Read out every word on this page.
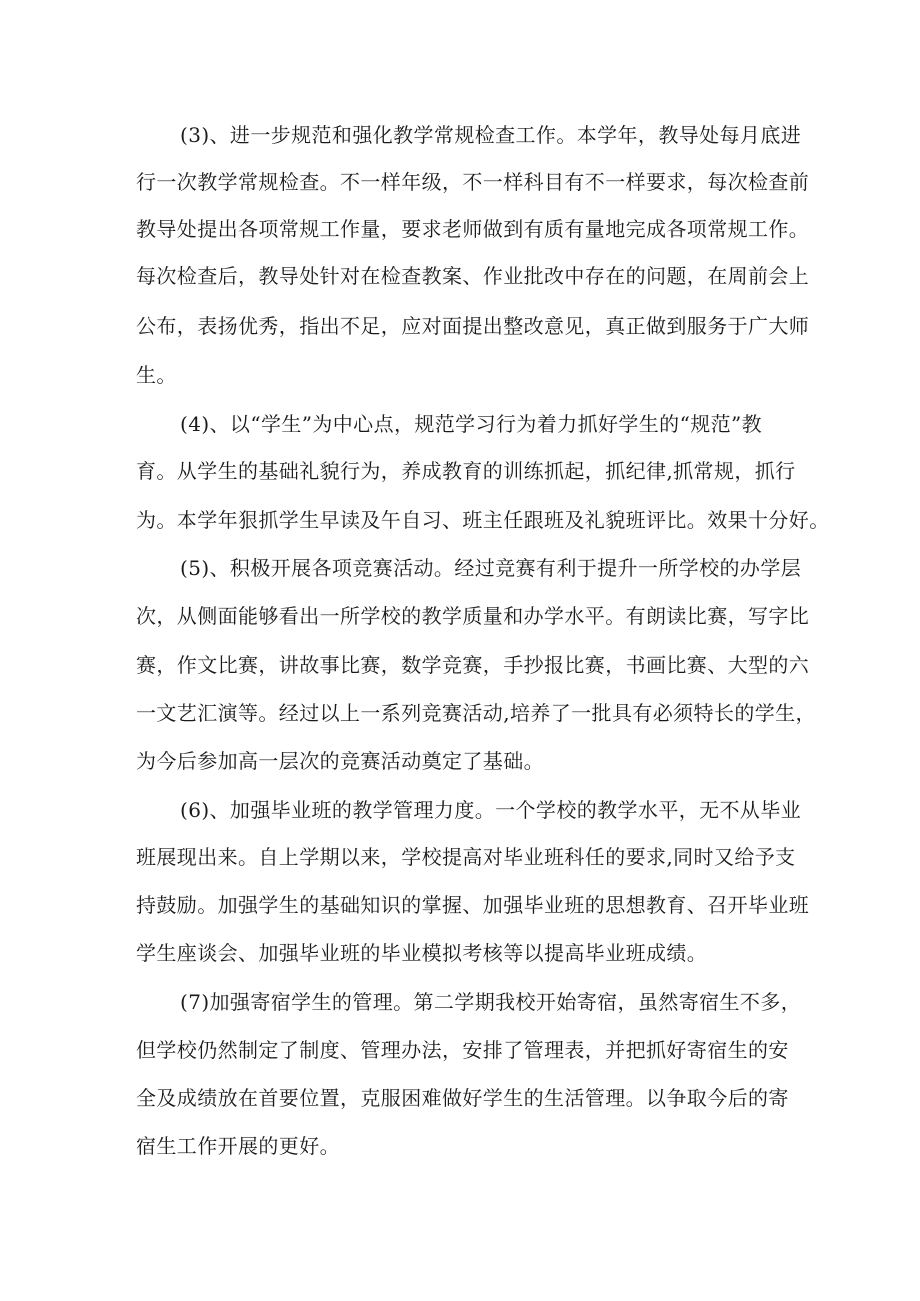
(3)、进一步规范和强化教学常规检查工作。本学年，教导处每月底进
行一次教学常规检查。不一样年级，不一样科目有不一样要求，每次检查前
教导处提出各项常规工作量，要求老师做到有质有量地完成各项常规工作。
每次检查后，教导处针对在检查教案、作业批改中存在的问题，在周前会上
公布，表扬优秀，指出不足，应对面提出整改意见，真正做到服务于广大师
生。
(4)、以“学生”为中心点，规范学习行为着力抓好学生的“规范”教
育。从学生的基础礼貌行为，养成教育的训练抓起，抓纪律,抓常规，抓行
为。本学年狠抓学生早读及午自习、班主任跟班及礼貌班评比。效果十分好。
(5)、积极开展各项竞赛活动。经过竞赛有利于提升一所学校的办学层
次，从侧面能够看出一所学校的教学质量和办学水平。有朗读比赛，写字比
赛，作文比赛，讲故事比赛，数学竞赛，手抄报比赛，书画比赛、大型的六
一文艺汇演等。经过以上一系列竞赛活动,培养了一批具有必须特长的学生，
为今后参加高一层次的竞赛活动奠定了基础。
(6)、加强毕业班的教学管理力度。一个学校的教学水平，无不从毕业
班展现出来。自上学期以来，学校提高对毕业班科任的要求,同时又给予支
持鼓励。加强学生的基础知识的掌握、加强毕业班的思想教育、召开毕业班
学生座谈会、加强毕业班的毕业模拟考核等以提高毕业班成绩。
(7)加强寄宿学生的管理。第二学期我校开始寄宿，虽然寄宿生不多，
但学校仍然制定了制度、管理办法，安排了管理表，并把抓好寄宿生的安
全及成绩放在首要位置，克服困难做好学生的生活管理。以争取今后的寄
宿生工作开展的更好。
